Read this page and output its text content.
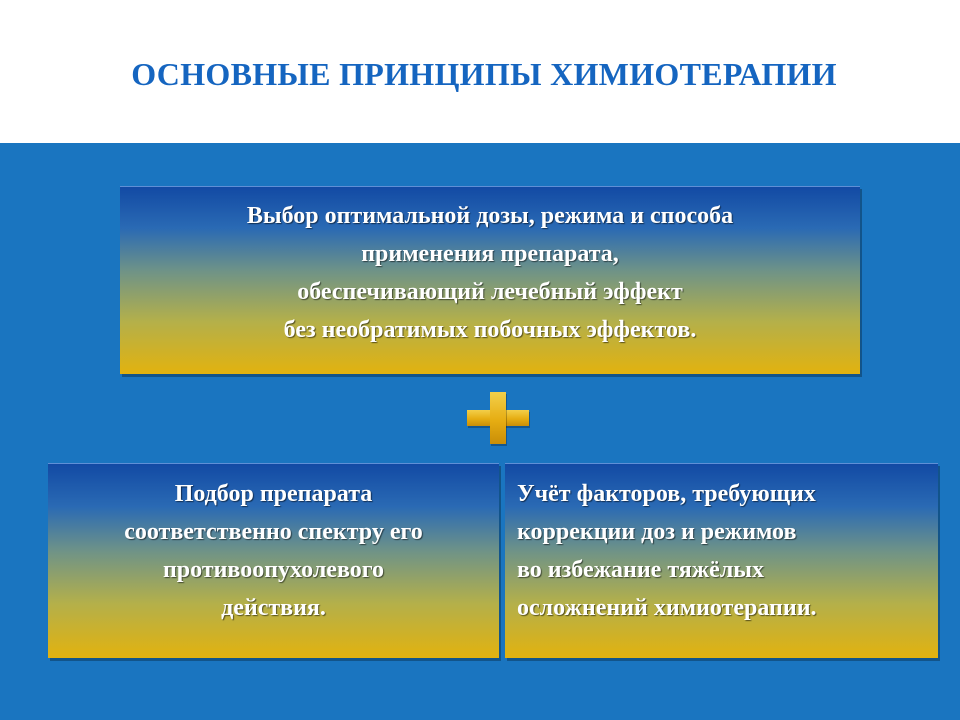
ОСНОВНЫЕ ПРИНЦИПЫ ХИМИОТЕРАПИИ
Выбор оптимальной дозы, режима и способа
применения препарата,
обеспечивающий лечебный эффект
без необратимых побочных эффектов.
Подбор препарата
соответственно спектру его
противоопухолевого
действия.
Учёт факторов, требующих
коррекции доз и режимов
во избежание тяжёлых
осложнений химиотерапии.
